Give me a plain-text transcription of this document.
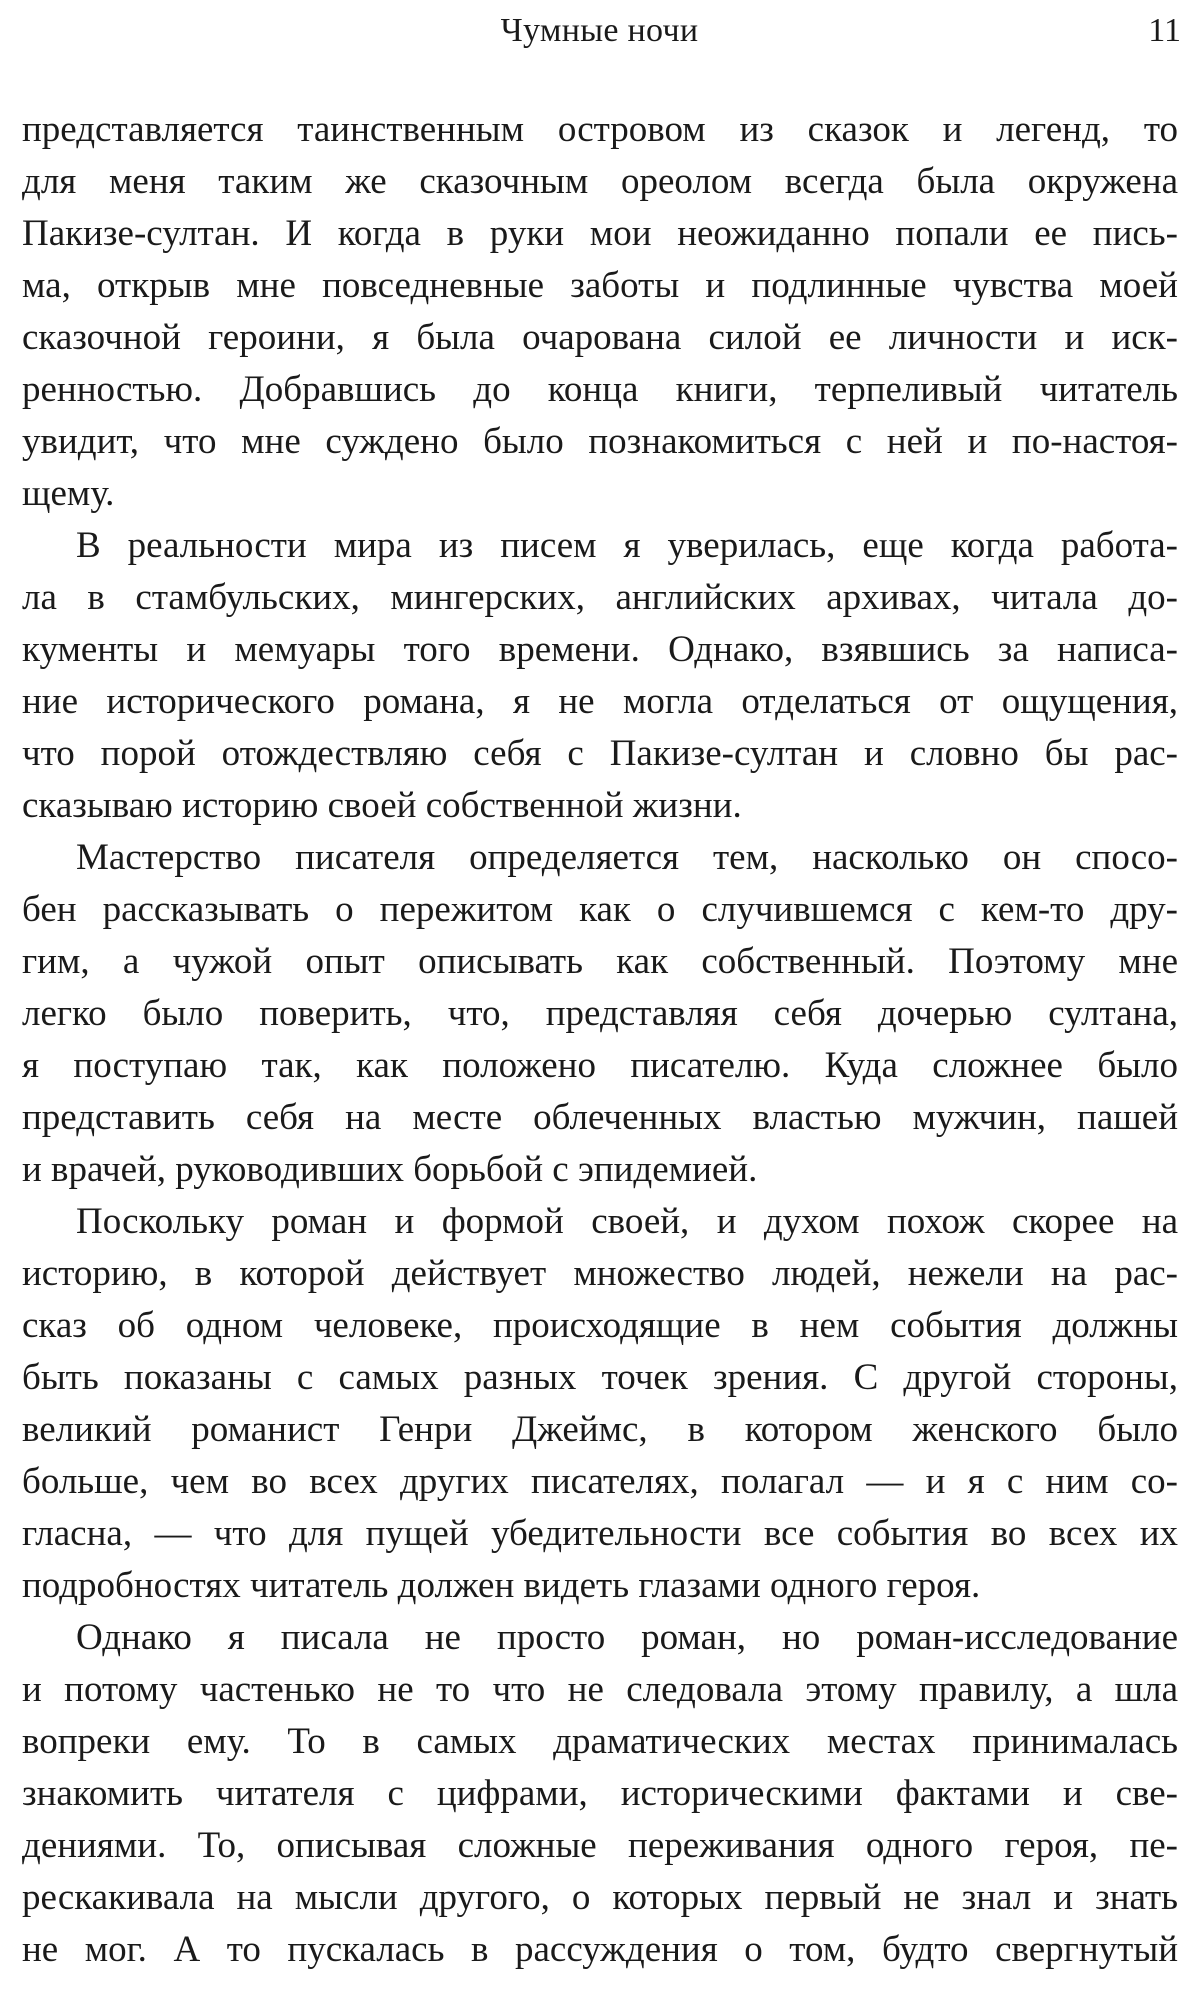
Чумные ночи	11
представляется таинственным островом из сказок и легенд, то
для меня таким же сказочным ореолом всегда была окружена
Пакизе-султан. И когда в руки мои неожиданно попали ее пись-
ма, открыв мне повседневные заботы и подлинные чувства моей
сказочной героини, я была очарована силой ее личности и иск-
ренностью. Добравшись до конца книги, терпеливый читатель
увидит, что мне суждено было познакомиться с ней и по-настоя-
щему.
В реальности мира из писем я уверилась, еще когда работа-
ла в стамбульских, мингерских, английских архивах, читала до-
кументы и мемуары того времени. Однако, взявшись за написа-
ние исторического романа, я не могла отделаться от ощущения,
что порой отождествляю себя с Пакизе-султан и словно бы рас-
сказываю историю своей собственной жизни.
Мастерство писателя определяется тем, насколько он спосо-
бен рассказывать о пережитом как о случившемся с кем-то дру-
гим, а чужой опыт описывать как собственный. Поэтому мне
легко было поверить, что, представляя себя дочерью султана,
я поступаю так, как положено писателю. Куда сложнее было
представить себя на месте облеченных властью мужчин, пашей
и врачей, руководивших борьбой с эпидемией.
Поскольку роман и формой своей, и духом похож скорее на
историю, в которой действует множество людей, нежели на рас-
сказ об одном человеке, происходящие в нем события должны
быть показаны с самых разных точек зрения. С другой стороны,
великий романист Генри Джеймс, в котором женского было
больше, чем во всех других писателях, полагал — и я с ним со-
гласна, — что для пущей убедительности все события во всех их
подробностях читатель должен видеть глазами одного героя.
Однако я писала не просто роман, но роман-исследование
и потому частенько не то что не следовала этому правилу, а шла
вопреки ему. То в самых драматических местах принималась
знакомить читателя с цифрами, историческими фактами и све-
дениями. То, описывая сложные переживания одного героя, пе-
рескакивала на мысли другого, о которых первый не знал и знать
не мог. А то пускалась в рассуждения о том, будто свергнутый
